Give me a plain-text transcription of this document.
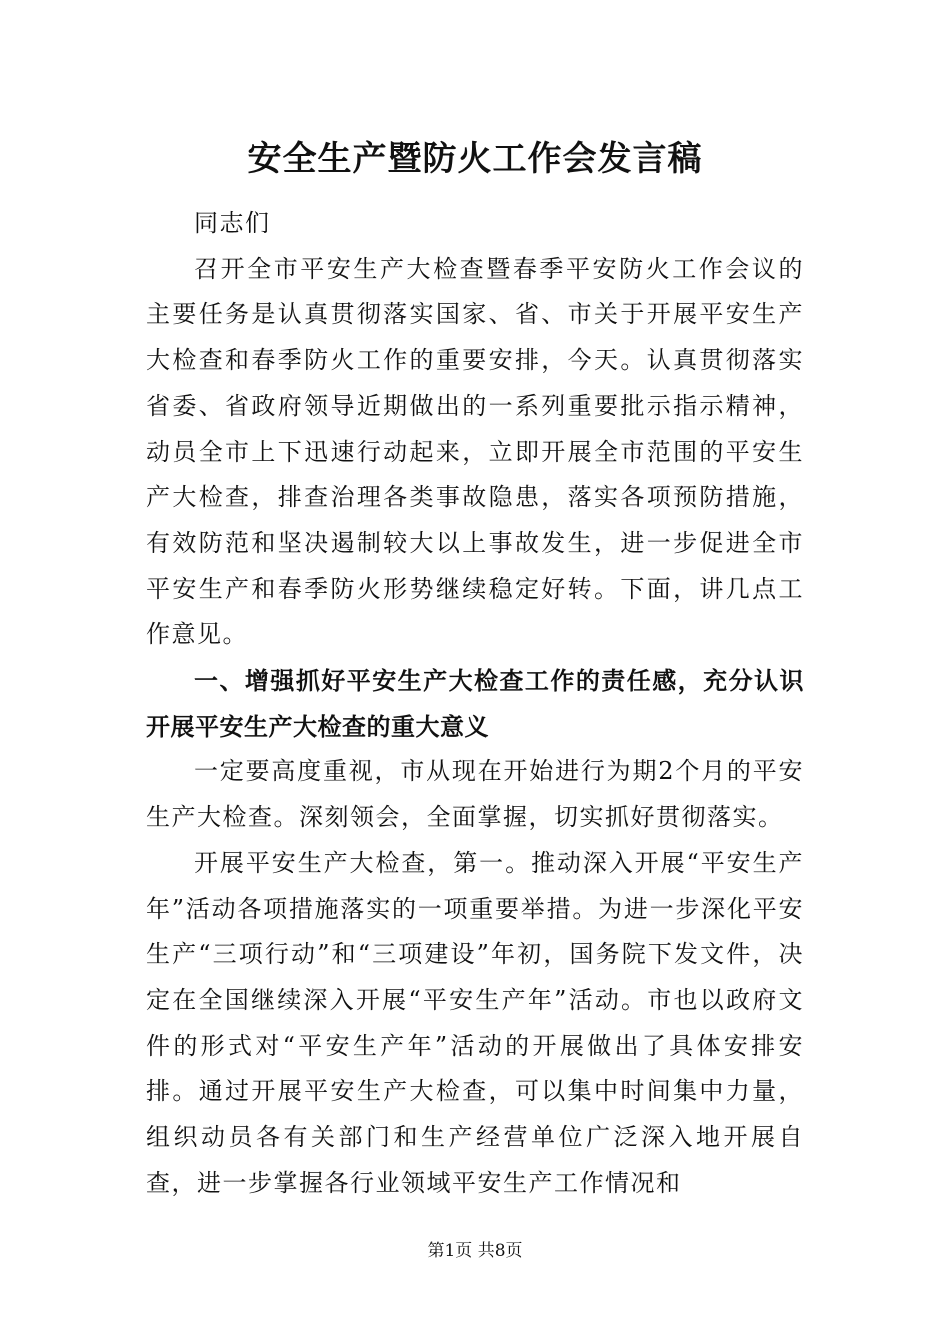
安全生产暨防火工作会发言稿

同志们

召开全市平安生产大检查暨春季平安防火工作会议的主要任务是认真贯彻落实国家、省、市关于开展平安生产大检查和春季防火工作的重要安排，今天。认真贯彻落实省委、省政府领导近期做出的一系列重要批示指示精神，动员全市上下迅速行动起来，立即开展全市范围的平安生产大检查，排查治理各类事故隐患，落实各项预防措施，有效防范和坚决遏制较大以上事故发生，进一步促进全市平安生产和春季防火形势继续稳定好转。下面，讲几点工作意见。

一、增强抓好平安生产大检查工作的责任感，充分认识开展平安生产大检查的重大意义

一定要高度重视，市从现在开始进行为期2个月的平安生产大检查。深刻领会，全面掌握，切实抓好贯彻落实。

开展平安生产大检查，第一。推动深入开展“平安生产年”活动各项措施落实的一项重要举措。为进一步深化平安生产“三项行动”和“三项建设”年初，国务院下发文件，决定在全国继续深入开展“平安生产年”活动。市也以政府文件的形式对“平安生产年”活动的开展做出了具体安排安排。通过开展平安生产大检查，可以集中时间集中力量，组织动员各有关部门和生产经营单位广泛深入地开展自查，进一步掌握各行业领域平安生产工作情况和

第1页 共8页
